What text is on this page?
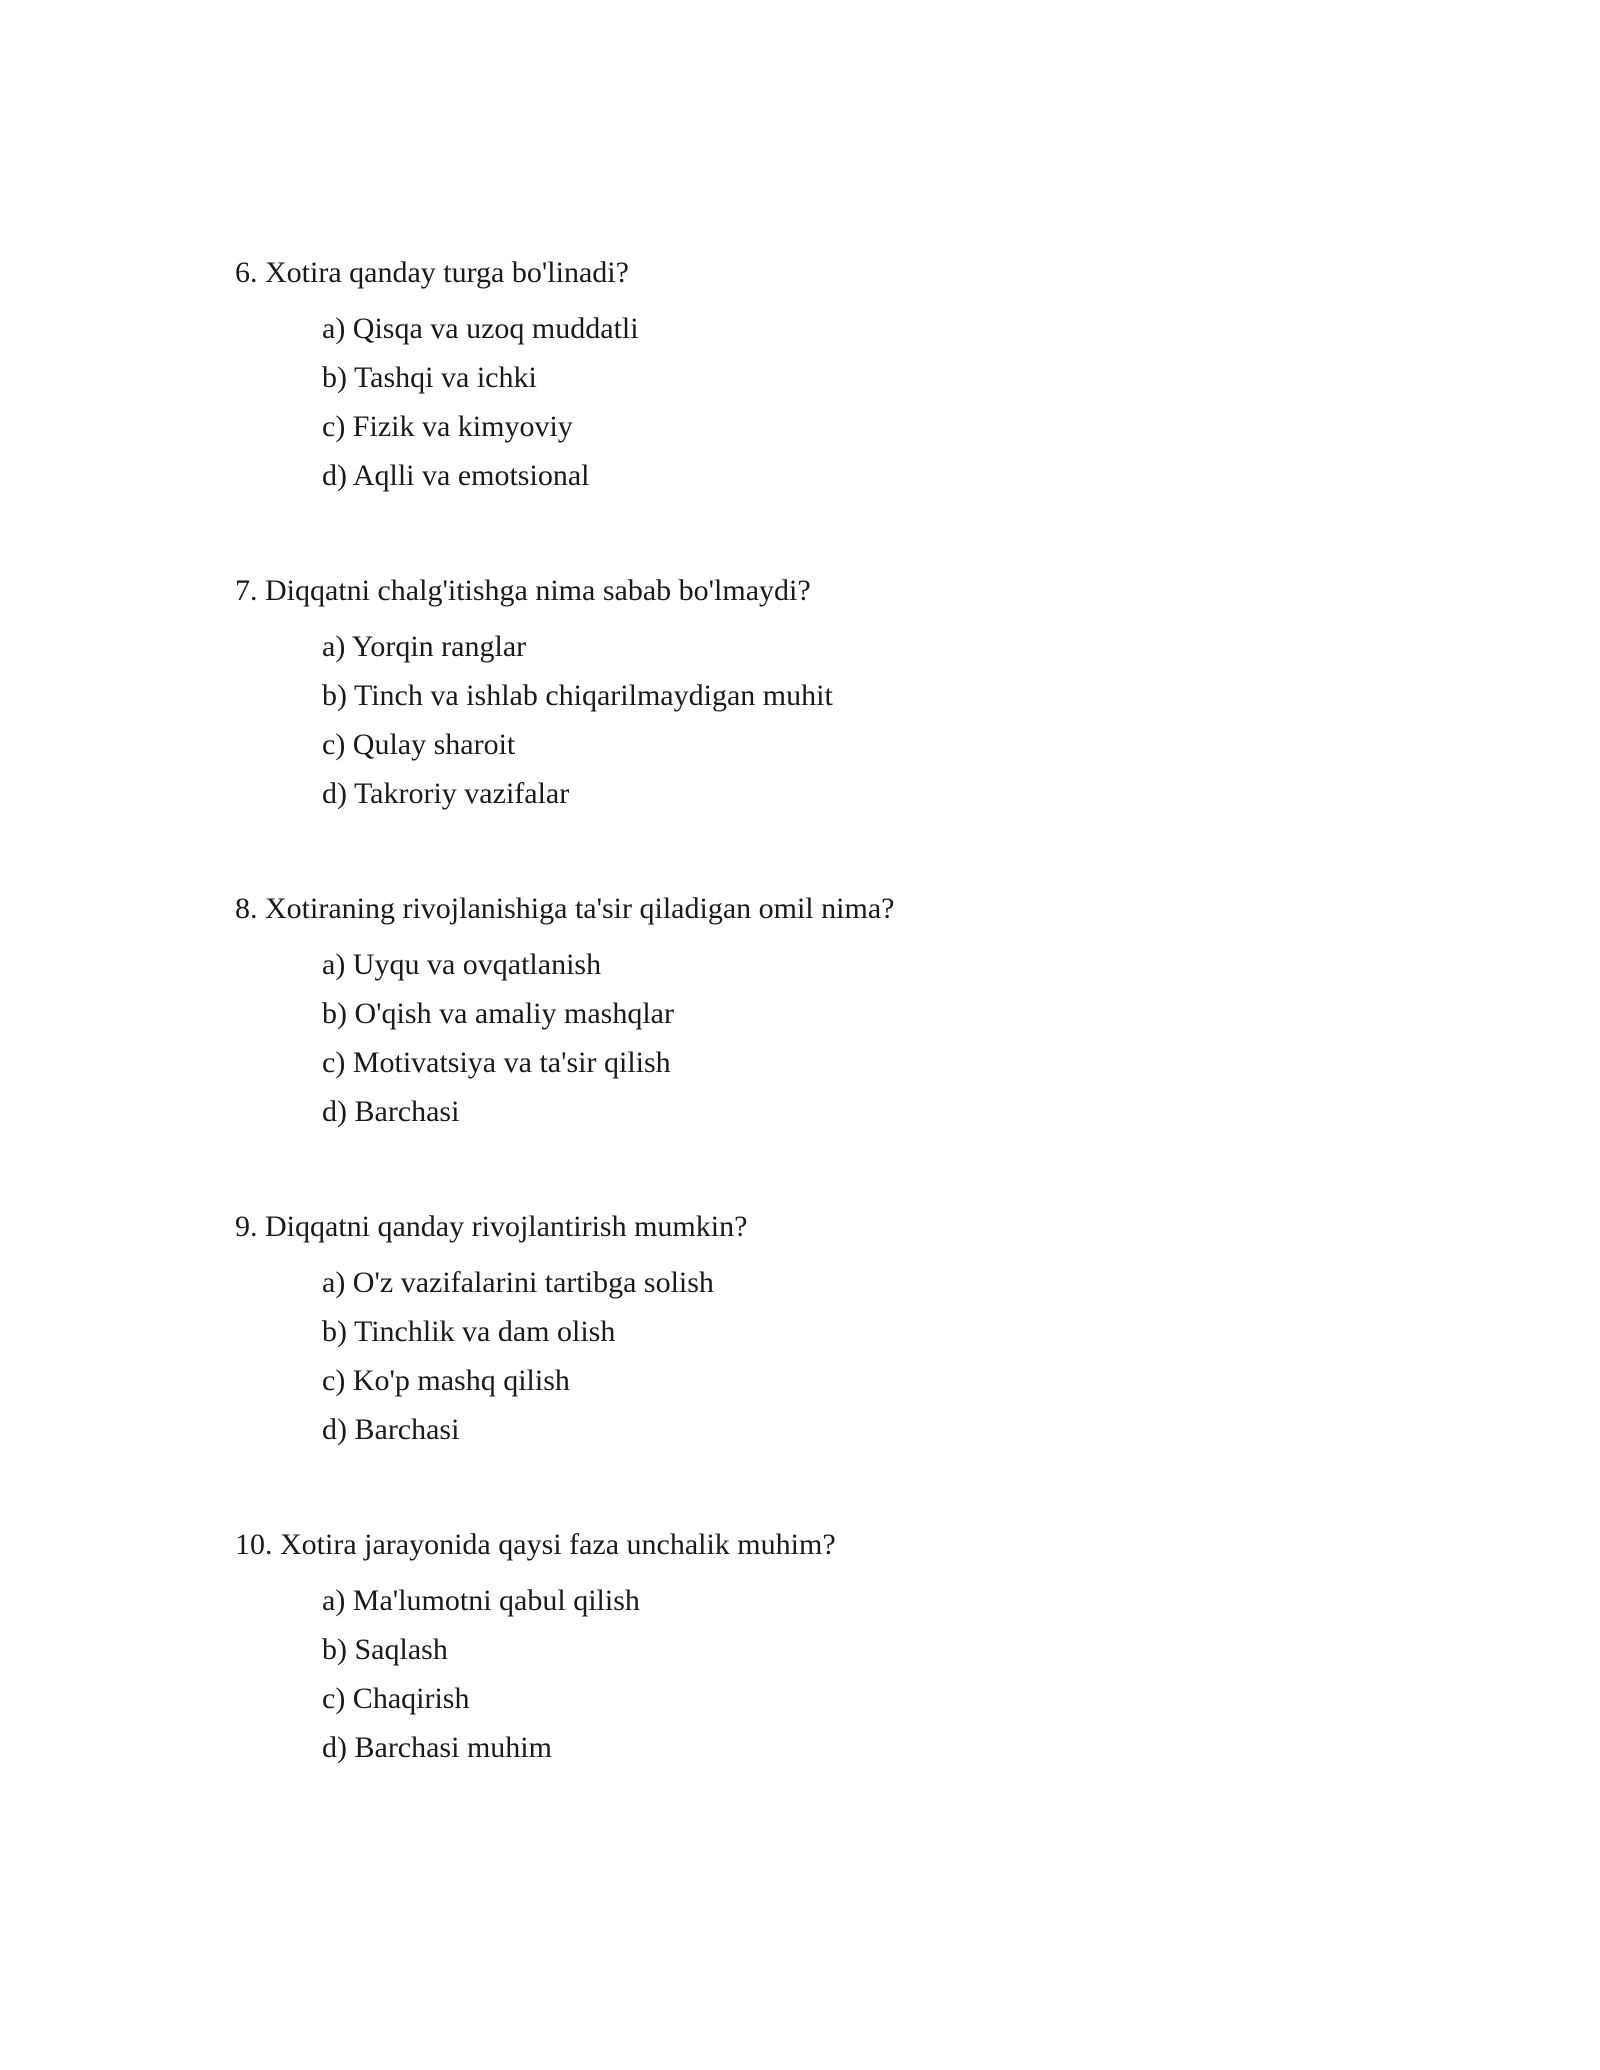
6. Xotira qanday turga bo'linadi?

a) Qisqa va uzoq muddatli
b) Tashqi va ichki
c) Fizik va kimyoviy
d) Aqlli va emotsional

7. Diqqatni chalg'itishga nima sabab bo'lmaydi?

a) Yorqin ranglar
b) Tinch va ishlab chiqarilmaydigan muhit
c) Qulay sharoit
d) Takroriy vazifalar

8. Xotiraning rivojlanishiga ta'sir qiladigan omil nima?

a) Uyqu va ovqatlanish
b) O'qish va amaliy mashqlar
c) Motivatsiya va ta'sir qilish
d) Barchasi

9. Diqqatni qanday rivojlantirish mumkin?

a) O'z vazifalarini tartibga solish
b) Tinchlik va dam olish
c) Ko'p mashq qilish
d) Barchasi

10. Xotira jarayonida qaysi faza unchalik muhim?

a) Ma'lumotni qabul qilish
b) Saqlash
c) Chaqirish
d) Barchasi muhim
